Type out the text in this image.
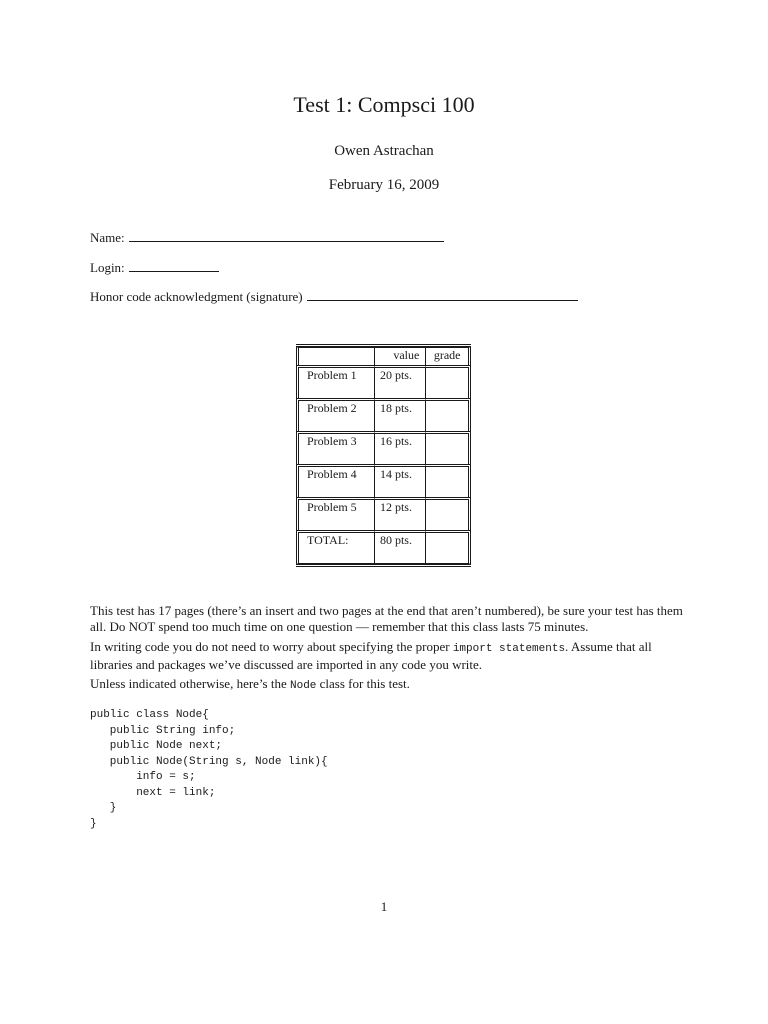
Test 1: Compsci 100
Owen Astrachan
February 16, 2009
Name:
Login:
Honor code acknowledgment (signature)
	value	grade
Problem 1	20 pts.	
Problem 2	18 pts.	
Problem 3	16 pts.	
Problem 4	14 pts.	
Problem 5	12 pts.	
TOTAL:	80 pts.	
This test has 17 pages (there’s an insert and two pages at the end that aren’t numbered), be sure your test has them all. Do NOT spend too much time on one question — remember that this class lasts 75 minutes.
In writing code you do not need to worry about specifying the proper import statements. Assume that all libraries and packages we’ve discussed are imported in any code you write.
Unless indicated otherwise, here’s the Node class for this test.
public class Node{
public String info;
public Node next;
public Node(String s, Node link){
info = s;
next = link;
}
}
1
